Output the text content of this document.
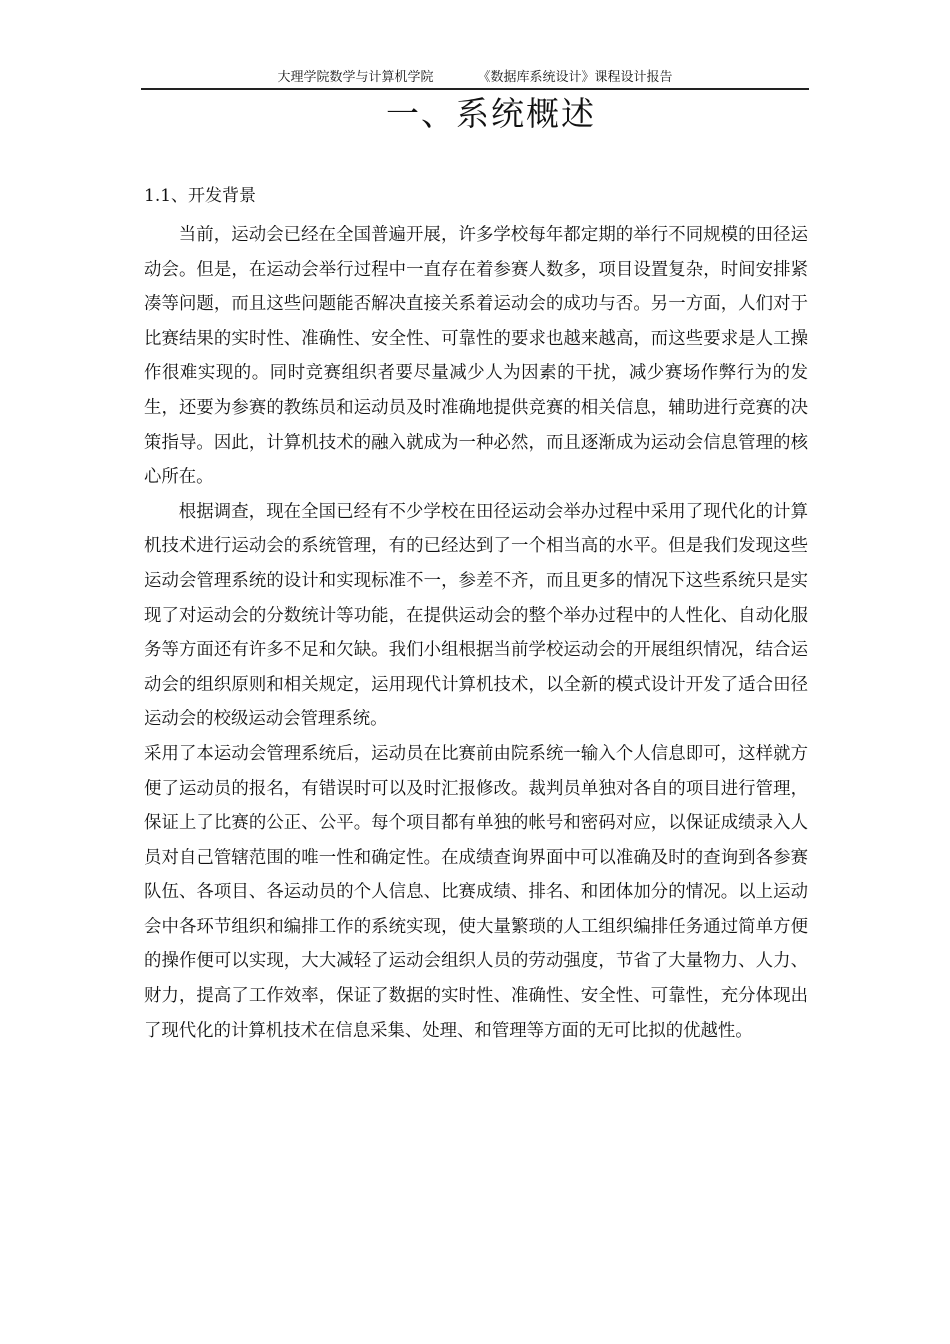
大理学院数学与计算机学院	《数据库系统设计》课程设计报告
一、系统概述
1.1、开发背景

当前，运动会已经在全国普遍开展，许多学校每年都定期的举行不同规模的田径运动会。但是，在运动会举行过程中一直存在着参赛人数多，项目设置复杂，时间安排紧凑等问题，而且这些问题能否解决直接关系着运动会的成功与否。另一方面，人们对于比赛结果的实时性、准确性、安全性、可靠性的要求也越来越高，而这些要求是人工操作很难实现的。同时竞赛组织者要尽量减少人为因素的干扰，减少赛场作弊行为的发生，还要为参赛的教练员和运动员及时准确地提供竞赛的相关信息，辅助进行竞赛的决策指导。因此，计算机技术的融入就成为一种必然，而且逐渐成为运动会信息管理的核心所在。

根据调查，现在全国已经有不少学校在田径运动会举办过程中采用了现代化的计算机技术进行运动会的系统管理，有的已经达到了一个相当高的水平。但是我们发现这些运动会管理系统的设计和实现标准不一，参差不齐，而且更多的情况下这些系统只是实现了对运动会的分数统计等功能，在提供运动会的整个举办过程中的人性化、自动化服务等方面还有许多不足和欠缺。我们小组根据当前学校运动会的开展组织情况，结合运动会的组织原则和相关规定，运用现代计算机技术，以全新的模式设计开发了适合田径运动会的校级运动会管理系统。

采用了本运动会管理系统后，运动员在比赛前由院系统一输入个人信息即可，这样就方便了运动员的报名，有错误时可以及时汇报修改。裁判员单独对各自的项目进行管理，保证上了比赛的公正、公平。每个项目都有单独的帐号和密码对应，以保证成绩录入人员对自己管辖范围的唯一性和确定性。在成绩查询界面中可以准确及时的查询到各参赛队伍、各项目、各运动员的个人信息、比赛成绩、排名、和团体加分的情况。以上运动会中各环节组织和编排工作的系统实现，使大量繁琐的人工组织编排任务通过简单方便的操作便可以实现，大大减轻了运动会组织人员的劳动强度，节省了大量物力、人力、财力，提高了工作效率，保证了数据的实时性、准确性、安全性、可靠性，充分体现出了现代化的计算机技术在信息采集、处理、和管理等方面的无可比拟的优越性。
